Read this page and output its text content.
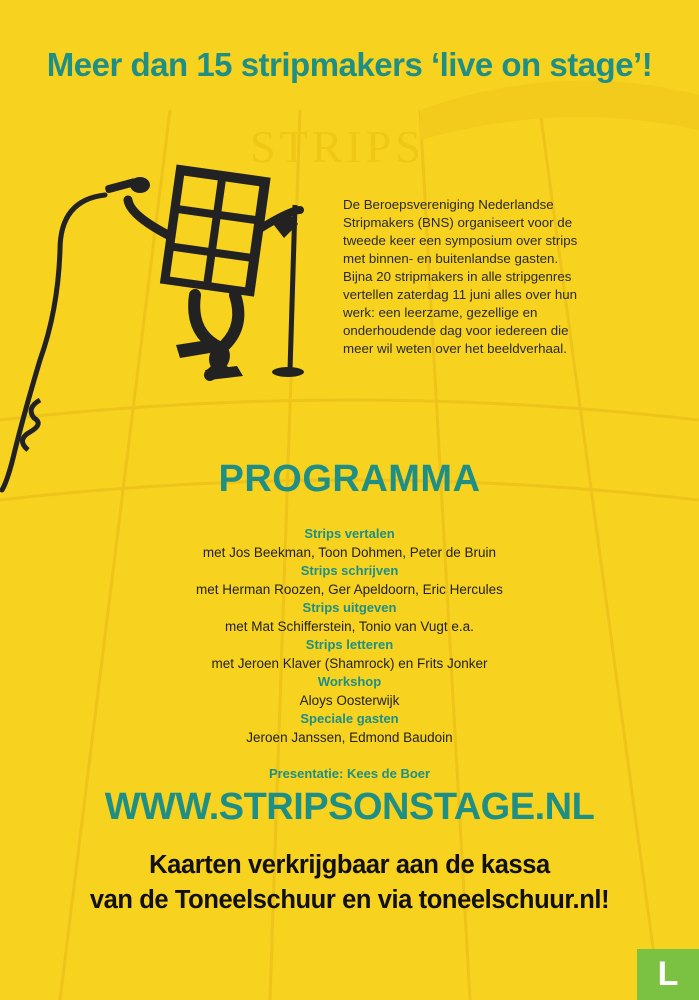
Meer dan 15 stripmakers ‘live on stage’!
STRIPS
De Beroepsvereniging Nederlandse
Stripmakers (BNS) organiseert voor de
tweede keer een symposium over strips
met binnen- en buitenlandse gasten.
Bijna 20 stripmakers in alle stripgenres
vertellen zaterdag 11 juni alles over hun
werk: een leerzame, gezellige en
onderhoudende dag voor iedereen die
meer wil weten over het beeldverhaal.
PROGRAMMA
Strips vertalen
met Jos Beekman, Toon Dohmen, Peter de Bruin
Strips schrijven
met Herman Roozen, Ger Apeldoorn, Eric Hercules
Strips uitgeven
met Mat Schifferstein, Tonio van Vugt e.a.
Strips letteren
met Jeroen Klaver (Shamrock) en Frits Jonker
Workshop
Aloys Oosterwijk
Speciale gasten
Jeroen Janssen, Edmond Baudoin
Presentatie: Kees de Boer
WWW.STRIPSONSTAGE.NL
Kaarten verkrijgbaar aan de kassa
van de Toneelschuur en via toneelschuur.nl!
L
